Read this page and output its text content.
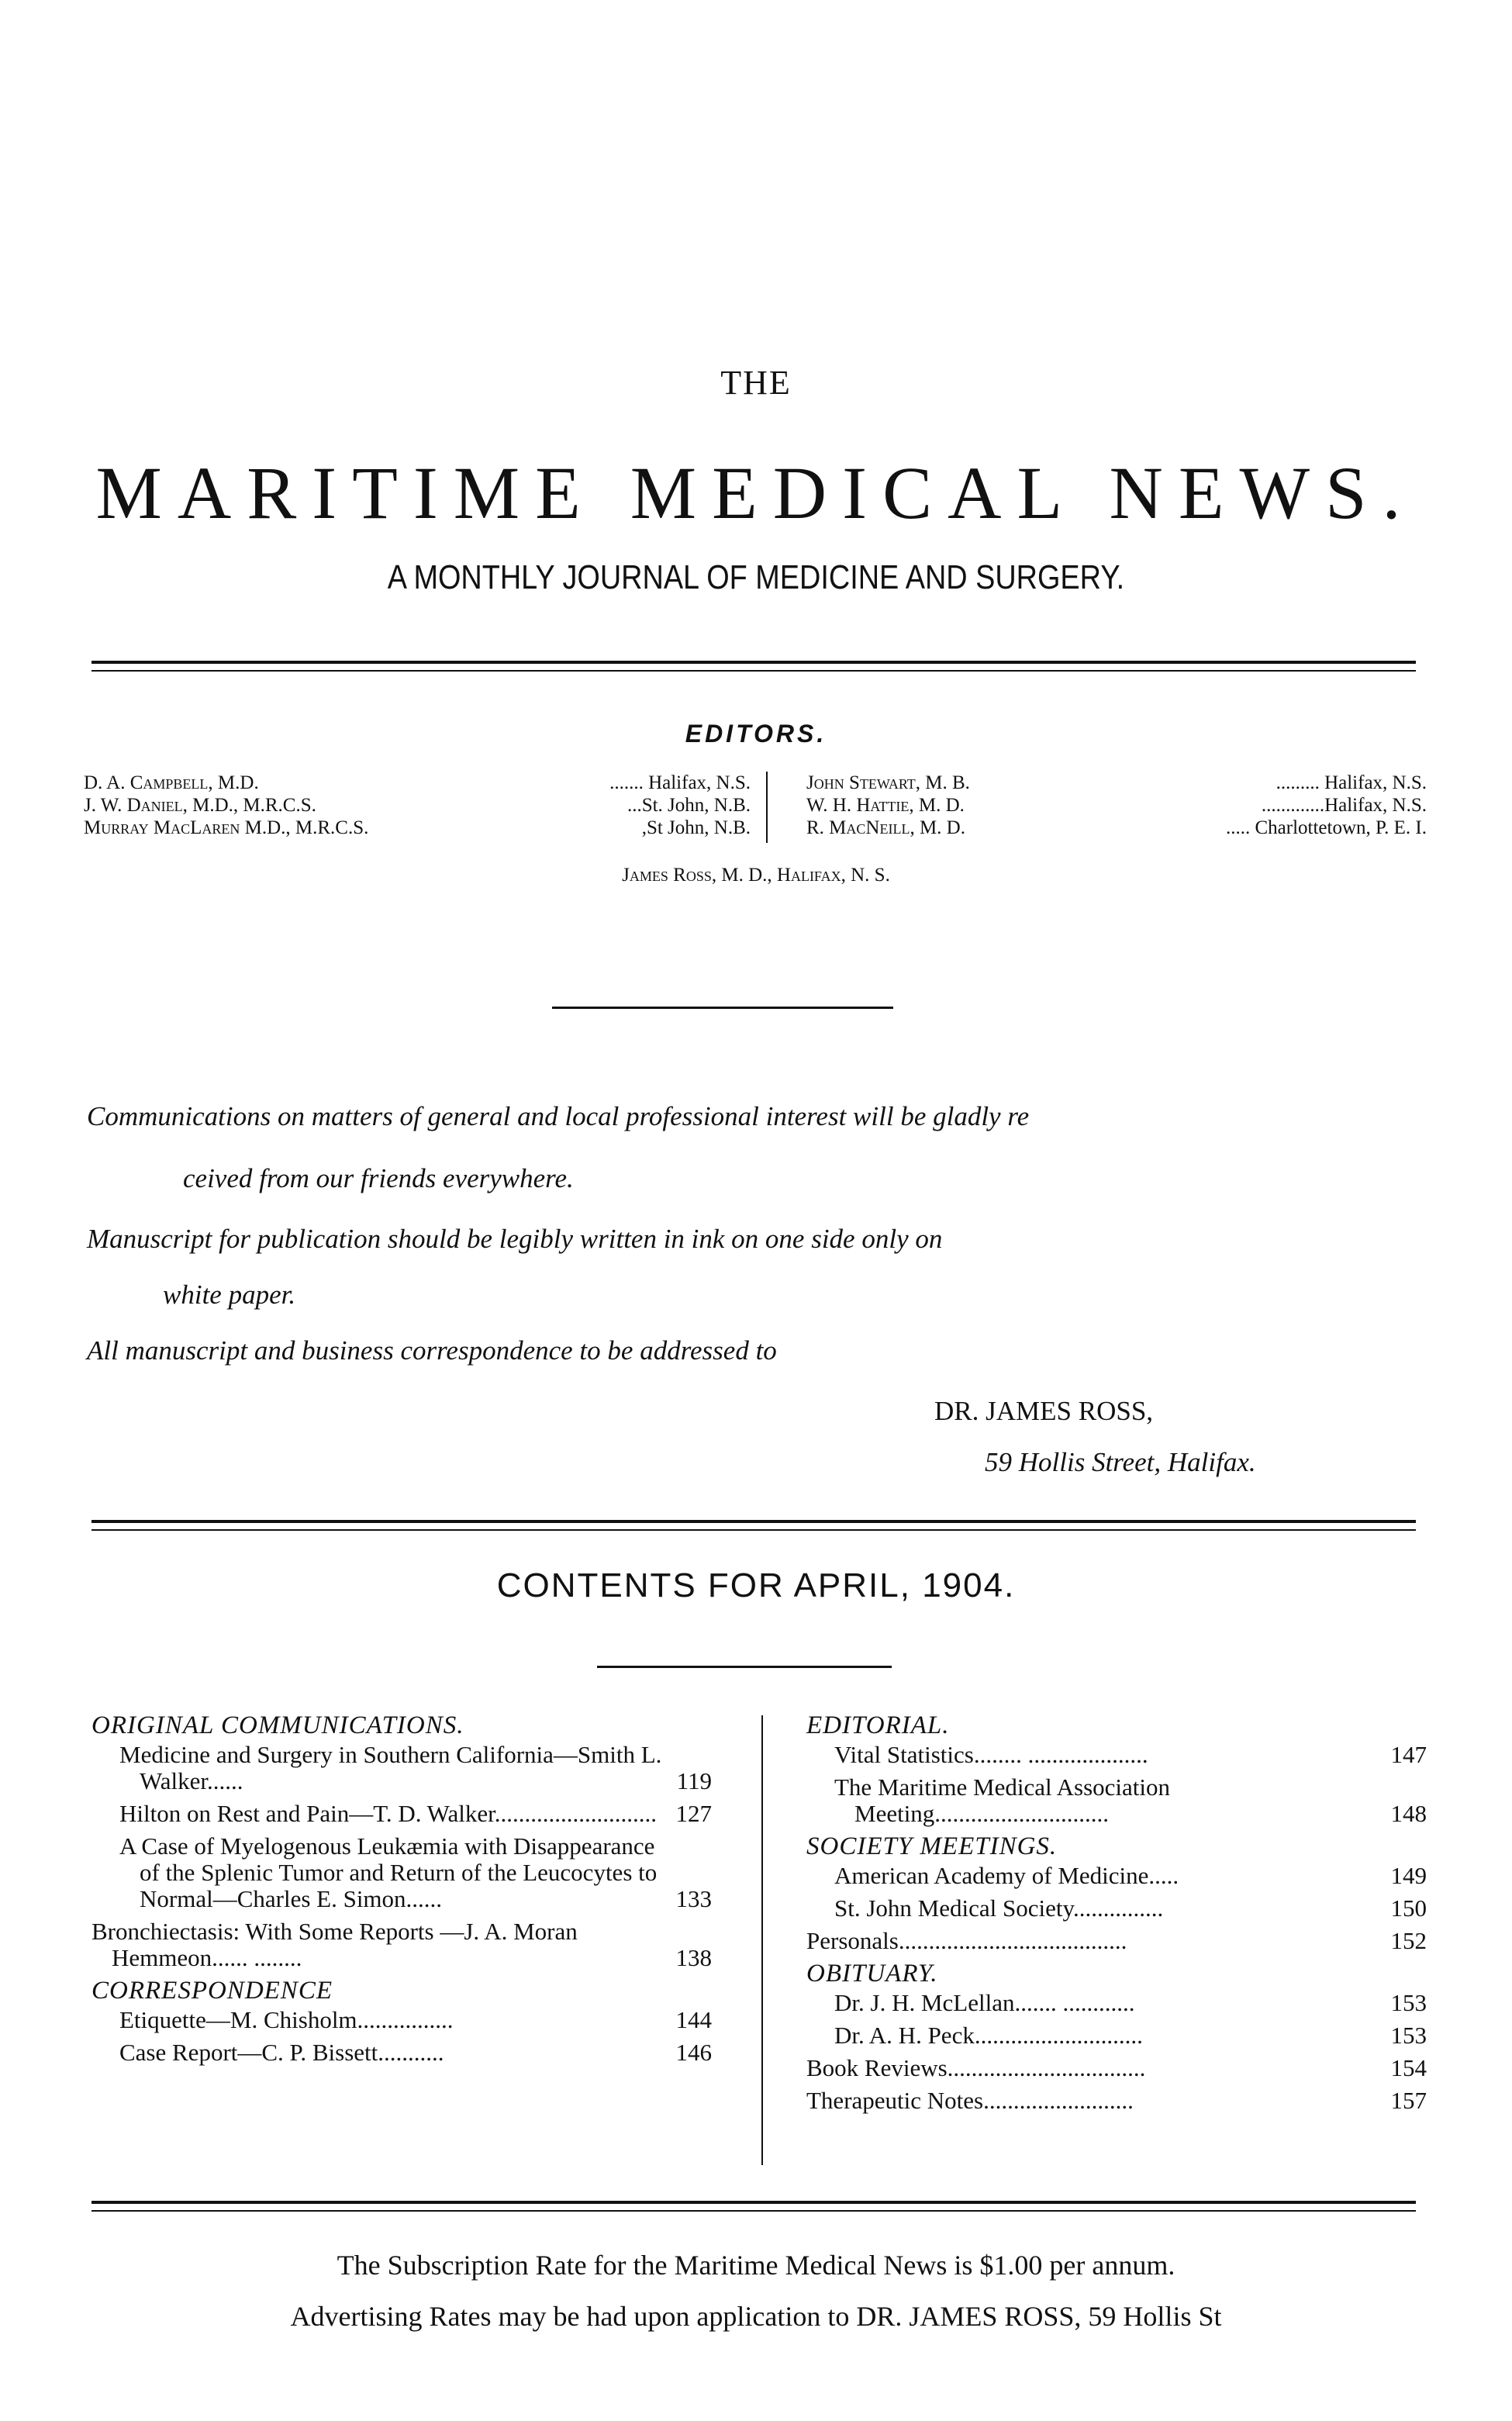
THE
MARITIME MEDICAL NEWS.
A MONTHLY JOURNAL OF MEDICINE AND SURGERY.
EDITORS.
D. A. Campbell, M.D.	....... Halifax, N.S.
J. W. Daniel, M.D., M.R.C.S.	...St. John, N.B.
Murray MacLaren M.D., M.R.C.S.	,St John, N.B.
John Stewart, M. B.	......... Halifax, N.S.
W. H. Hattie, M. D.	.............Halifax, N.S.
R. MacNeill, M. D.	..... Charlottetown, P. E. I.
James Ross, M. D., Halifax, N. S.
Communications on matters of general and local professional interest will be gladly re
ceived from our friends everywhere.
Manuscript for publication should be legibly written in ink on one side only on
white paper.
All manuscript and business correspondence to be addressed to
DR. JAMES ROSS,
59 Hollis Street, Halifax.
CONTENTS FOR APRIL, 1904.
ORIGINAL COMMUNICATIONS.
Medicine and Surgery in Southern California—Smith L. Walker......	119
Hilton on Rest and Pain—T. D. Walker........................... 127
A Case of Myelogenous Leukæmia with Disappearance of the Splenic Tumor and Return of the Leucocytes to Normal—Charles E. Simon......	133
Bronchiectasis: With Some Reports —J. A. Moran Hemmeon...... ........	138
CORRESPONDENCE
Etiquette—M. Chisholm................	144
Case Report—C. P. Bissett...........	146
EDITORIAL.
Vital Statistics........ ....................	147
The Maritime Medical Association Meeting.............................	148
SOCIETY MEETINGS.
American Academy of Medicine.....	149
St. John Medical Society...............	150
Personals......................................	152
OBITUARY.
Dr. J. H. McLellan....... ............	153
Dr. A. H. Peck............................	153
Book Reviews.................................	154
Therapeutic Notes.........................	157
The Subscription Rate for the Maritime Medical News is $1.00 per annum.
Advertising Rates may be had upon application to DR. JAMES ROSS, 59 Hollis St
